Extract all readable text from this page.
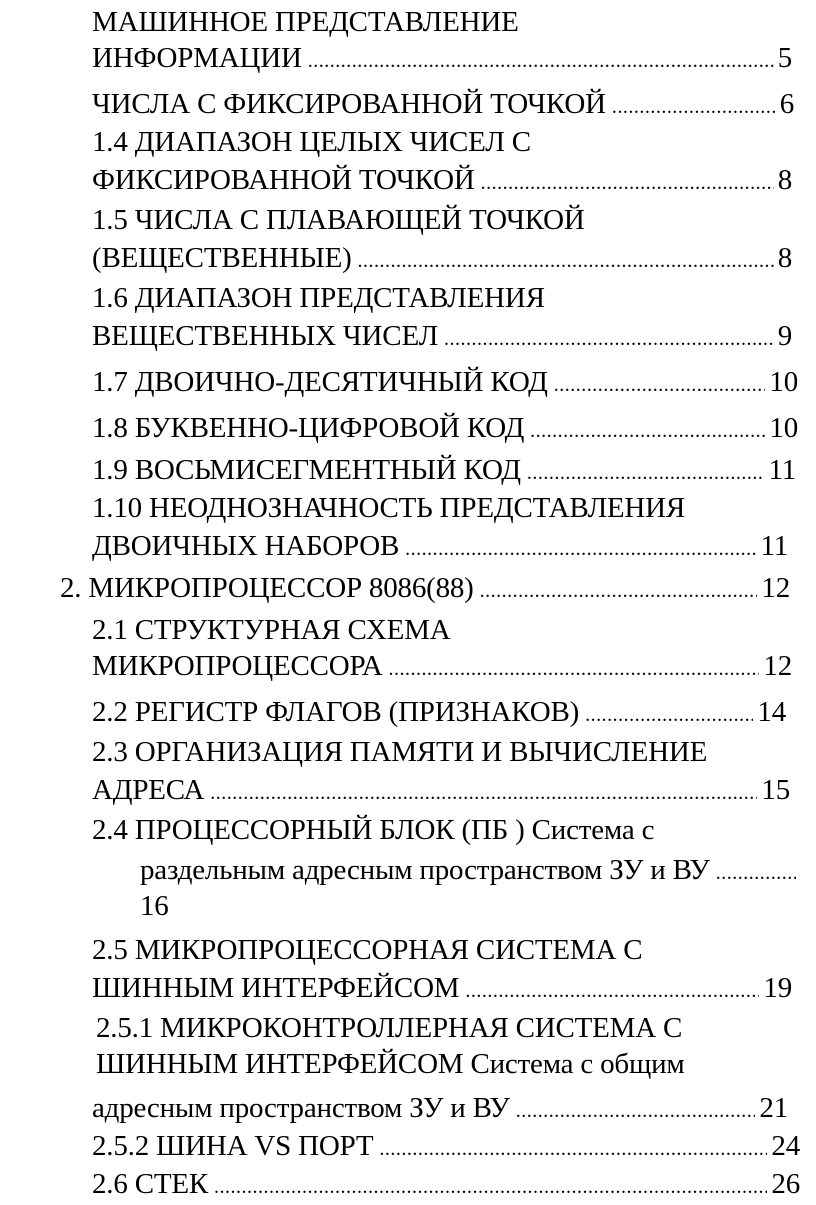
МАШИННОЕ ПРЕДСТАВЛЕНИЕ
ИНФОРМАЦИИ .....	5
ЧИСЛА С ФИКСИРОВАННОЙ ТОЧКОЙ .....	6
1.4 ДИАПАЗОН ЦЕЛЫХ ЧИСЕЛ С
ФИКСИРОВАННОЙ ТОЧКОЙ .....	8
1.5 ЧИСЛА С ПЛАВАЮЩЕЙ ТОЧКОЙ
(ВЕЩЕСТВЕННЫЕ) .....	8
1.6 ДИАПАЗОН ПРЕДСТАВЛЕНИЯ
ВЕЩЕСТВЕННЫХ ЧИСЕЛ .....	9
1.7 ДВОИЧНО-ДЕСЯТИЧНЫЙ КОД .....	10
1.8 БУКВЕННО-ЦИФРОВОЙ КОД .....	10
1.9 ВОСЬМИСЕГМЕНТНЫЙ КОД .....	11
1.10 НЕОДНОЗНАЧНОСТЬ ПРЕДСТАВЛЕНИЯ
ДВОИЧНЫХ НАБОРОВ .....	11
2. МИКРОПРОЦЕССОР 8086(88) .....	12
2.1 СТРУКТУРНАЯ СХЕМА
МИКРОПРОЦЕССОРА .....	12
2.2 РЕГИСТР ФЛАГОВ (ПРИЗНАКОВ) .....	14
2.3 ОРГАНИЗАЦИЯ ПАМЯТИ И ВЫЧИСЛЕНИЕ
АДРЕСА .....	15
2.4 ПРОЦЕССОРНЫЙ БЛОК (ПБ ) Система с
раздельным адресным пространством ЗУ и ВУ
.....
16
2.5 МИКРОПРОЦЕССОРНАЯ СИСТЕМА С
ШИННЫМ ИНТЕРФЕЙСОМ .....	19
2.5.1 МИКРОКОНТРОЛЛЕРНАЯ СИСТЕМА С
ШИННЫМ ИНТЕРФЕЙСОМ Система с общим
адресным пространством ЗУ и ВУ .....	21
2.5.2 ШИНА VS ПОРТ .....	24
2.6 СТЕК .....	26
